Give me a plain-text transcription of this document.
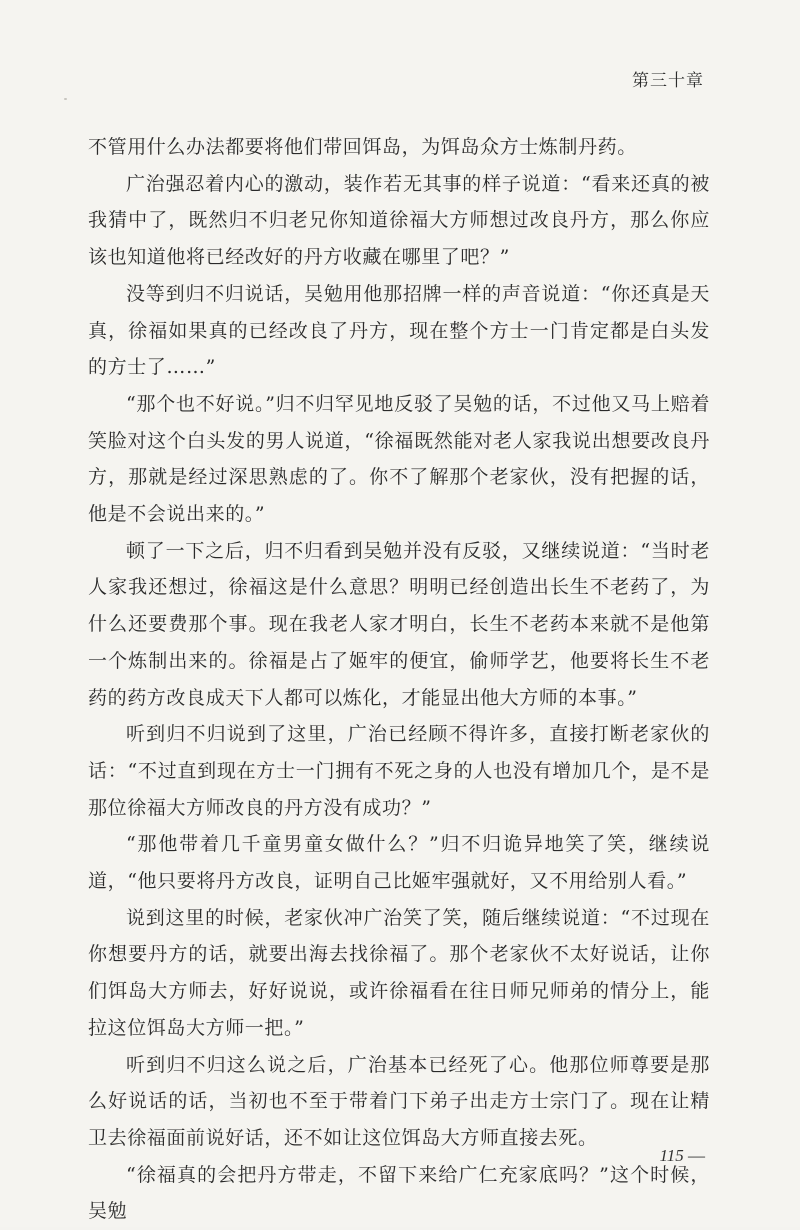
第三十章

不管用什么办法都要将他们带回饵岛，为饵岛众方士炼制丹药。

广治强忍着内心的激动，装作若无其事的样子说道：“看来还真的被我猜中了，既然归不归老兄你知道徐福大方师想过改良丹方，那么你应该也知道他将已经改好的丹方收藏在哪里了吧？”

没等到归不归说话，吴勉用他那招牌一样的声音说道：“你还真是天真，徐福如果真的已经改良了丹方，现在整个方士一门肯定都是白头发的方士了……”

“那个也不好说。”归不归罕见地反驳了吴勉的话，不过他又马上赔着笑脸对这个白头发的男人说道，“徐福既然能对老人家我说出想要改良丹方，那就是经过深思熟虑的了。你不了解那个老家伙，没有把握的话，他是不会说出来的。”

顿了一下之后，归不归看到吴勉并没有反驳，又继续说道：“当时老人家我还想过，徐福这是什么意思？明明已经创造出长生不老药了，为什么还要费那个事。现在我老人家才明白，长生不老药本来就不是他第一个炼制出来的。徐福是占了姬牢的便宜，偷师学艺，他要将长生不老药的药方改良成天下人都可以炼化，才能显出他大方师的本事。”

听到归不归说到了这里，广治已经顾不得许多，直接打断老家伙的话：“不过直到现在方士一门拥有不死之身的人也没有增加几个，是不是那位徐福大方师改良的丹方没有成功？”

“那他带着几千童男童女做什么？”归不归诡异地笑了笑，继续说道，“他只要将丹方改良，证明自己比姬牢强就好，又不用给别人看。”

说到这里的时候，老家伙冲广治笑了笑，随后继续说道：“不过现在你想要丹方的话，就要出海去找徐福了。那个老家伙不太好说话，让你们饵岛大方师去，好好说说，或许徐福看在往日师兄师弟的情分上，能拉这位饵岛大方师一把。”

听到归不归这么说之后，广治基本已经死了心。他那位师尊要是那么好说话的话，当初也不至于带着门下弟子出走方士宗门了。现在让精卫去徐福面前说好话，还不如让这位饵岛大方师直接去死。

“徐福真的会把丹方带走，不留下来给广仁充家底吗？”这个时候，吴勉

115 —
